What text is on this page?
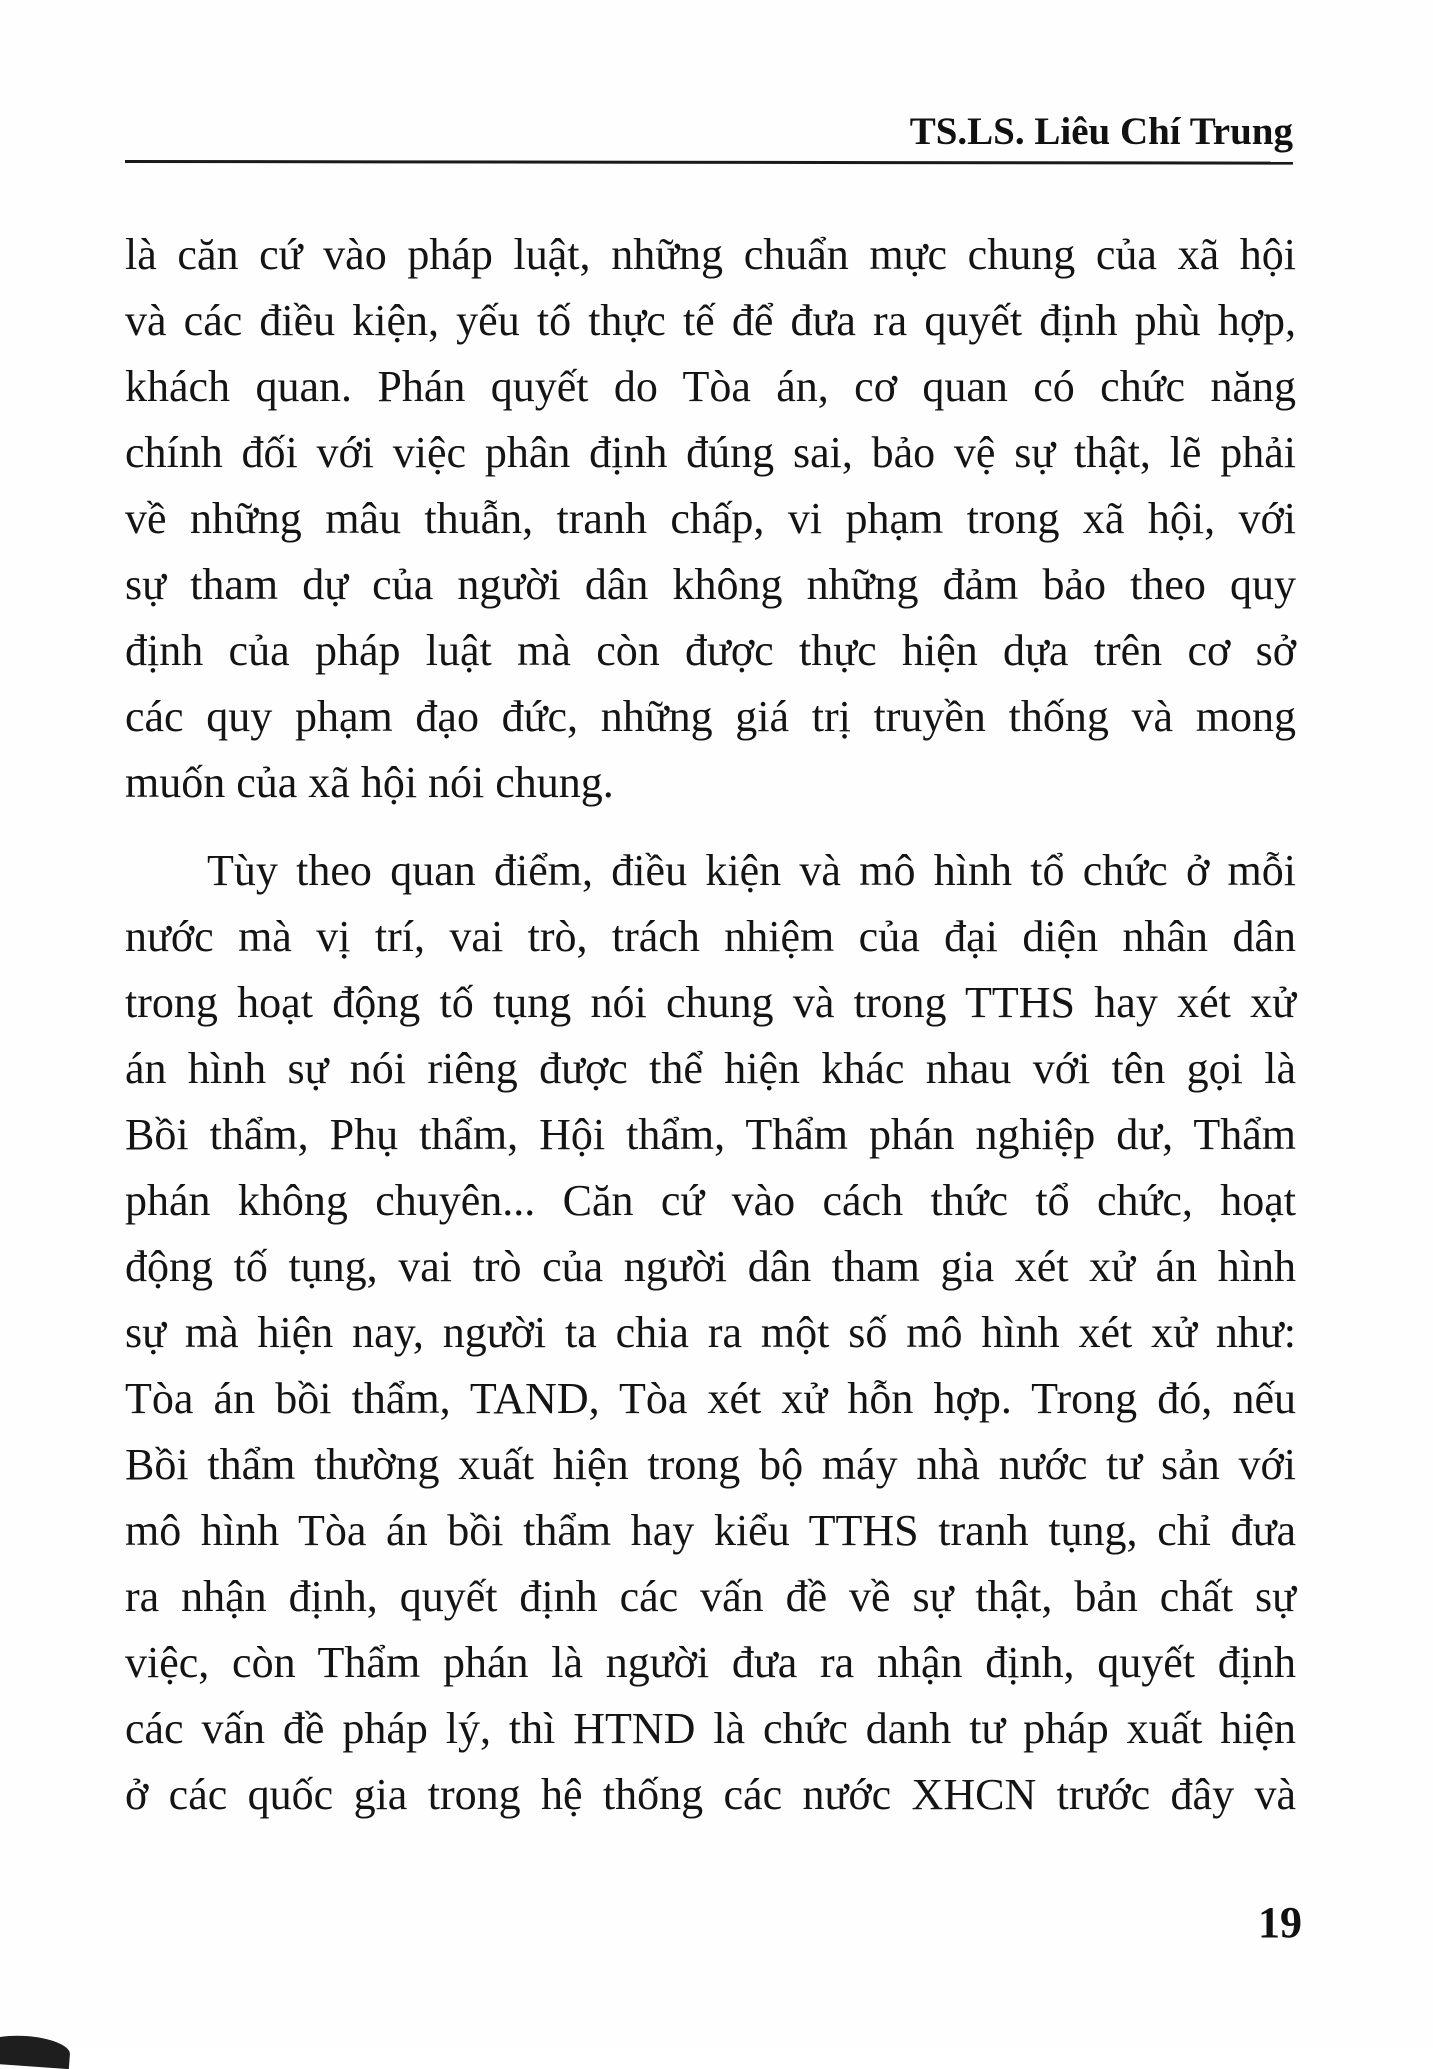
TS.LS. Liêu Chí Trung
là căn cứ vào pháp luật, những chuẩn mực chung của xã hội
và các điều kiện, yếu tố thực tế để đưa ra quyết định phù hợp,
khách quan. Phán quyết do Tòa án, cơ quan có chức năng
chính đối với việc phân định đúng sai, bảo vệ sự thật, lẽ phải
về những mâu thuẫn, tranh chấp, vi phạm trong xã hội, với
sự tham dự của người dân không những đảm bảo theo quy
định của pháp luật mà còn được thực hiện dựa trên cơ sở
các quy phạm đạo đức, những giá trị truyền thống và mong
muốn của xã hội nói chung.
Tùy theo quan điểm, điều kiện và mô hình tổ chức ở mỗi
nước mà vị trí, vai trò, trách nhiệm của đại diện nhân dân
trong hoạt động tố tụng nói chung và trong TTHS hay xét xử
án hình sự nói riêng được thể hiện khác nhau với tên gọi là
Bồi thẩm, Phụ thẩm, Hội thẩm, Thẩm phán nghiệp dư, Thẩm
phán không chuyên... Căn cứ vào cách thức tổ chức, hoạt
động tố tụng, vai trò của người dân tham gia xét xử án hình
sự mà hiện nay, người ta chia ra một số mô hình xét xử như:
Tòa án bồi thẩm, TAND, Tòa xét xử hỗn hợp. Trong đó, nếu
Bồi thẩm thường xuất hiện trong bộ máy nhà nước tư sản với
mô hình Tòa án bồi thẩm hay kiểu TTHS tranh tụng, chỉ đưa
ra nhận định, quyết định các vấn đề về sự thật, bản chất sự
việc, còn Thẩm phán là người đưa ra nhận định, quyết định
các vấn đề pháp lý, thì HTND là chức danh tư pháp xuất hiện
ở các quốc gia trong hệ thống các nước XHCN trước đây và
19
